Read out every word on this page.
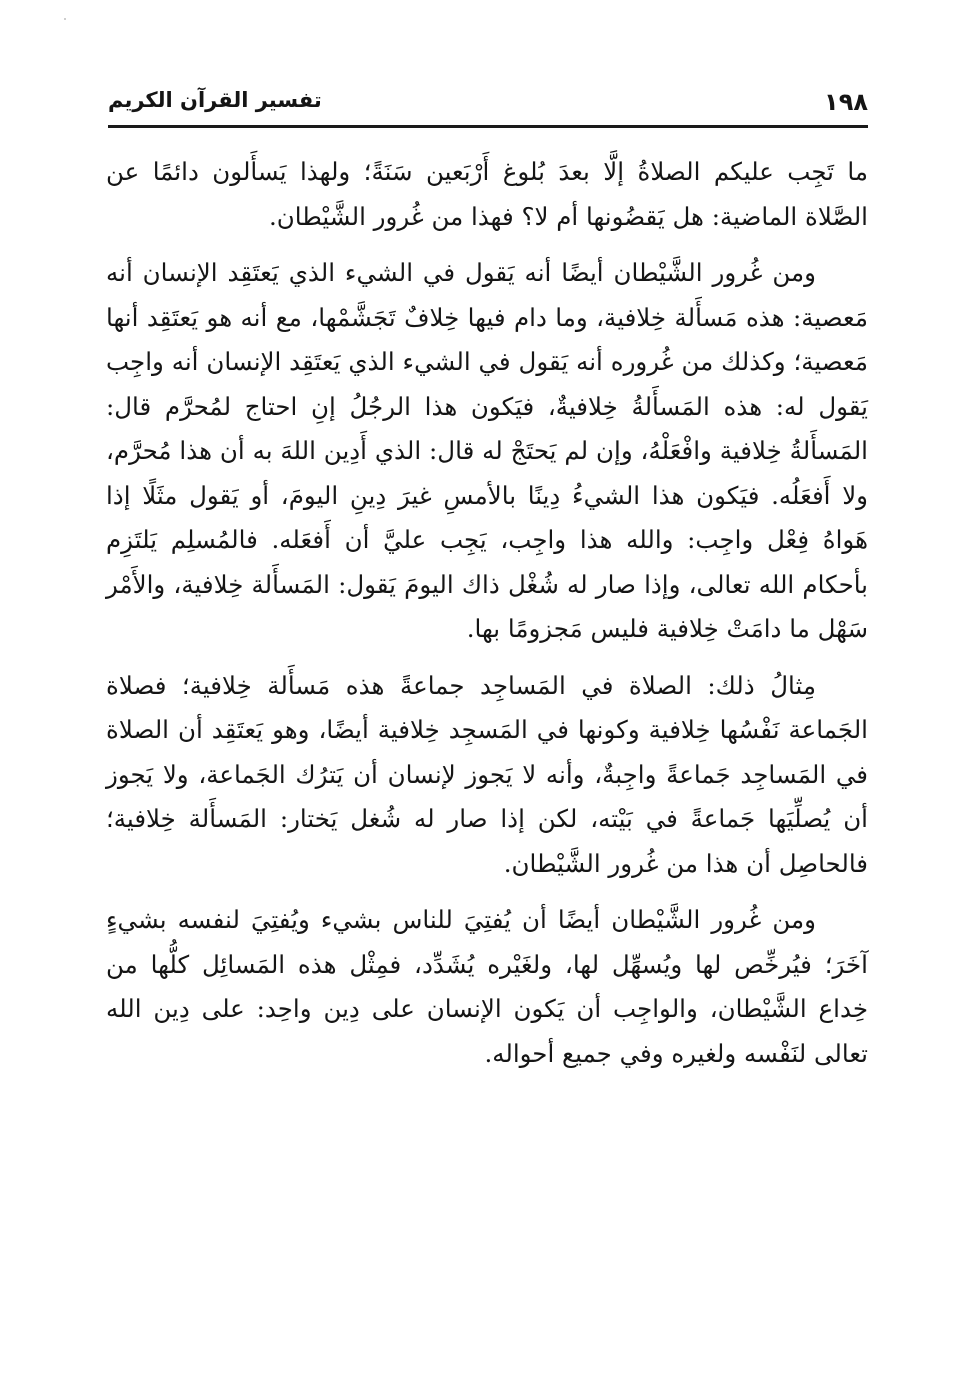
١٩٨
تفسير القرآن الكريم

ما تَجِب عليكم الصلاةُ إلَّا بعدَ بُلوغ أَرْبَعين سَنَةً؛ ولهذا يَسأَلون دائمًا عن الصَّلاة الماضية: هل يَقضُونها أم لا؟ فهذا من غُرور الشَّيْطان.

ومن غُرور الشَّيْطان أيضًا أنه يَقول في الشيء الذي يَعتَقِد الإنسان أنه مَعصية: هذه مَسأَلة خِلافية، وما دام فيها خِلافٌ تَجَشَّمْها، مع أنه هو يَعتَقِد أنها مَعصية؛ وكذلك من غُروره أنه يَقول في الشيء الذي يَعتَقِد الإنسان أنه واجِب يَقول له: هذه المَسأَلةُ خِلافيةٌ، فيَكون هذا الرجُلُ إنِ احتاج لمُحرَّم قال: المَسأَلةُ خِلافية وافْعَلْهُ، وإن لم يَحتَجْ له قال: الذي أَدِين اللهَ به أن هذا مُحرَّم، ولا أَفعَلُه. فيَكون هذا الشيءُ دِينًا بالأمسِ غيرَ دِينِ اليومَ، أو يَقول مثَلًا إذا هَواهُ فِعْل واجِب: والله هذا واجِب، يَجِب عليَّ أن أَفعَله. فالمُسلِم يَلتَزِم بأحكام الله تعالى، وإذا صار له شُغْل ذاك اليومَ يَقول: المَسأَلة خِلافية، والأَمْر سَهْل ما دامَتْ خِلافية فليس مَجزومًا بها.

مِثالُ ذلك: الصلاة في المَساجِد جماعةً هذه مَسأَلة خِلافية؛ فصلاة الجَماعة نَفْسُها خِلافية وكونها في المَسجِد خِلافية أيضًا، وهو يَعتَقِد أن الصلاة في المَساجِد جَماعةً واجِبةٌ، وأنه لا يَجوز لإنسان أن يَترُك الجَماعة، ولا يَجوز أن يُصلِّيَها جَماعةً في بَيْته، لكن إذا صار له شُغل يَختار: المَسأَلة خِلافية؛ فالحاصِل أن هذا من غُرور الشَّيْطان.

ومن غُرور الشَّيْطان أيضًا أن يُفتِيَ للناس بشيء ويُفتِيَ لنفسه بشيءٍ آخَرَ؛ فيُرخِّص لها ويُسهِّل لها، ولغَيْره يُشَدِّد، فمِثْل هذه المَسائِل كلُّها من خِداع الشَّيْطان، والواجِب أن يَكون الإنسان على دِين واحِد: على دِين الله تعالى لنَفْسه ولغيره وفي جميع أحواله.
